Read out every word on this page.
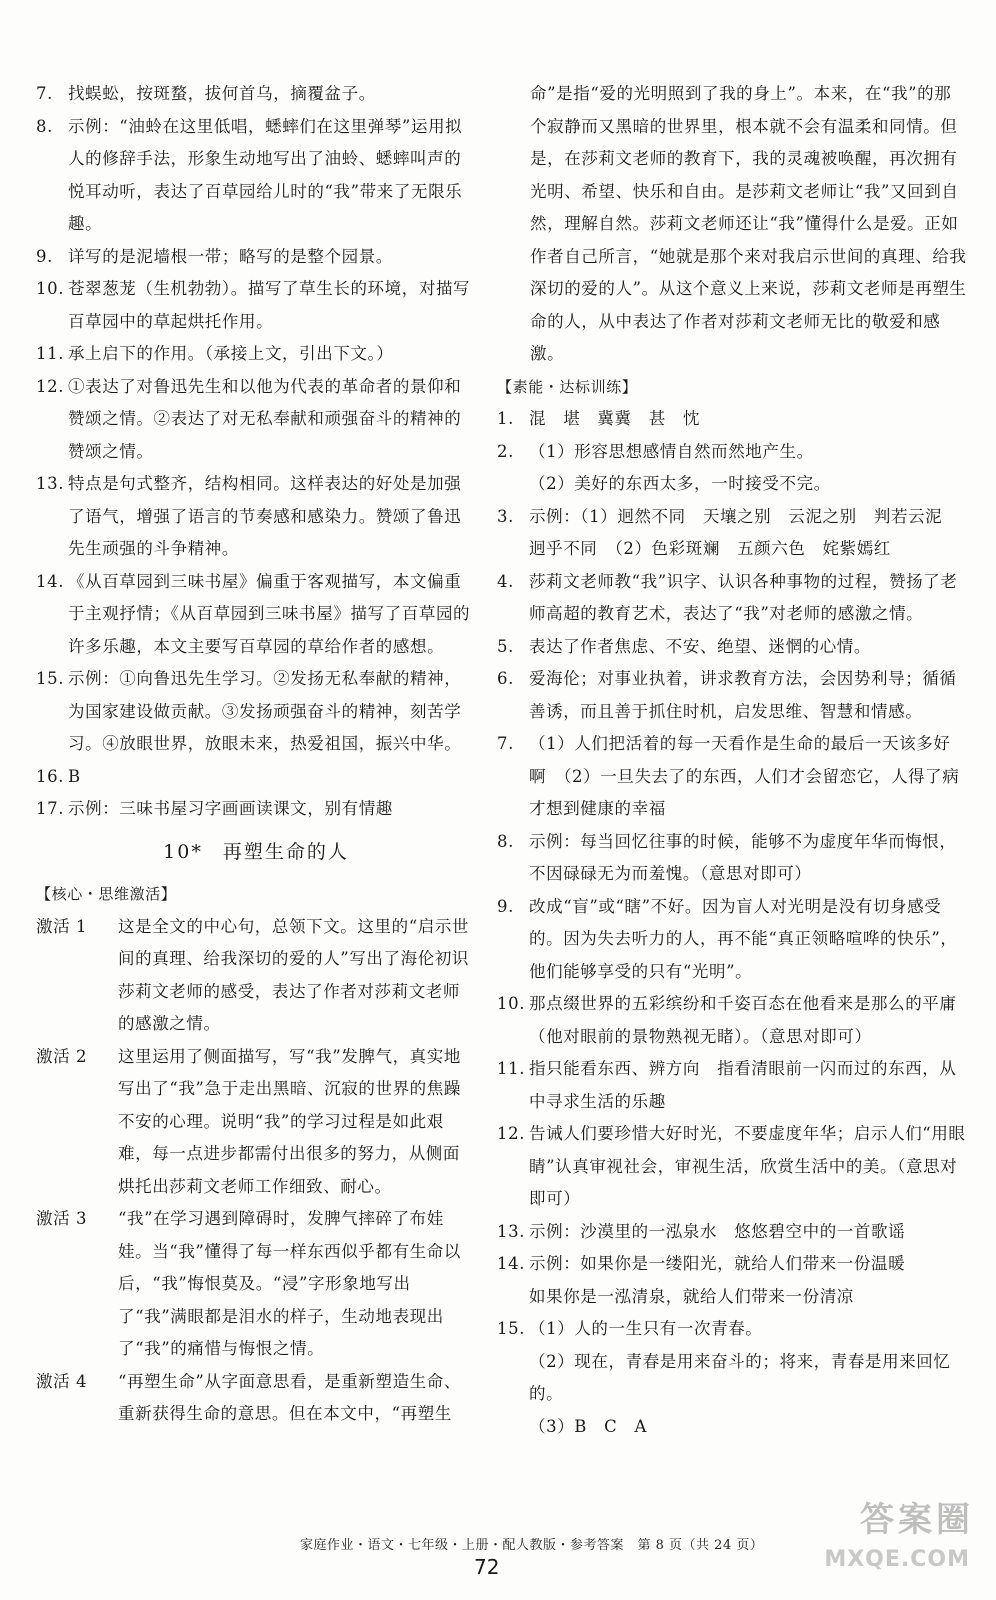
7. 找蜈蚣，按斑蝥，拔何首乌，摘覆盆子。
8. 示例：“油蛉在这里低唱，蟋蟀们在这里弹琴”运用拟人的修辞手法，形象生动地写出了油蛉、蟋蟀叫声的悦耳动听，表达了百草园给儿时的“我”带来了无限乐趣。
9. 详写的是泥墙根一带；略写的是整个园景。
10. 苍翠葱茏（生机勃勃）。描写了草生长的环境，对描写百草园中的草起烘托作用。
11. 承上启下的作用。（承接上文，引出下文。）
12. ①表达了对鲁迅先生和以他为代表的革命者的景仰和赞颂之情。②表达了对无私奉献和顽强奋斗的精神的赞颂之情。
13. 特点是句式整齐，结构相同。这样表达的好处是加强了语气，增强了语言的节奏感和感染力。赞颂了鲁迅先生顽强的斗争精神。
14. 《从百草园到三味书屋》偏重于客观描写，本文偏重于主观抒情；《从百草园到三味书屋》描写了百草园的许多乐趣，本文主要写百草园的草给作者的感想。
15. 示例：①向鲁迅先生学习。②发扬无私奉献的精神，为国家建设做贡献。③发扬顽强奋斗的精神，刻苦学习。④放眼世界，放眼未来，热爱祖国，振兴中华。
16. B
17. 示例：三味书屋习字画画读课文，别有情趣
10* 再塑生命的人
【核心・思维激活】
激活 1	这是全文的中心句，总领下文。这里的“启示世间的真理、给我深切的爱的人”写出了海伦初识莎莉文老师的感受，表达了作者对莎莉文老师的感激之情。
激活 2	这里运用了侧面描写，写“我”发脾气，真实地写出了“我”急于走出黑暗、沉寂的世界的焦躁不安的心理。说明“我”的学习过程是如此艰难，每一点进步都需付出很多的努力，从侧面烘托出莎莉文老师工作细致、耐心。
激活 3	“我”在学习遇到障碍时，发脾气摔碎了布娃娃。当“我”懂得了每一样东西似乎都有生命以后，“我”悔恨莫及。“浸”字形象地写出了“我”满眼都是泪水的样子，生动地表现出了“我”的痛惜与悔恨之情。
激活 4	“再塑生命”从字面意思看，是重新塑造生命、重新获得生命的意思。但在本文中，“再塑生
命”是指“爱的光明照到了我的身上”。本来，在“我”的那个寂静而又黑暗的世界里，根本就不会有温柔和同情。但是，在莎莉文老师的教育下，我的灵魂被唤醒，再次拥有光明、希望、快乐和自由。是莎莉文老师让“我”又回到自然，理解自然。莎莉文老师还让“我”懂得什么是爱。正如作者自己所言，“她就是那个来对我启示世间的真理、给我深切的爱的人”。从这个意义上来说，莎莉文老师是再塑生命的人，从中表达了作者对莎莉文老师无比的敬爱和感激。
【素能・达标训练】
1. 混　堪　冀冀　甚　忱
2. （1）形容思想感情自然而然地产生。
（2）美好的东西太多，一时接受不完。
3. 示例：（1）迥然不同　天壤之别　云泥之别　判若云泥　迥乎不同　（2）色彩斑斓　五颜六色　姹紫嫣红
4. 莎莉文老师教“我”识字、认识各种事物的过程，赞扬了老师高超的教育艺术，表达了“我”对老师的感激之情。
5. 表达了作者焦虑、不安、绝望、迷惘的心情。
6. 爱海伦；对事业执着，讲求教育方法，会因势利导；循循善诱，而且善于抓住时机，启发思维、智慧和情感。
7. （1）人们把活着的每一天看作是生命的最后一天该多好啊　（2）一旦失去了的东西，人们才会留恋它，人得了病才想到健康的幸福
8. 示例：每当回忆往事的时候，能够不为虚度年华而悔恨，不因碌碌无为而羞愧。（意思对即可）
9. 改成“盲”或“瞎”不好。因为盲人对光明是没有切身感受的。因为失去听力的人，再不能“真正领略喧哗的快乐”，他们能够享受的只有“光明”。
10. 那点缀世界的五彩缤纷和千姿百态在他看来是那么的平庸（他对眼前的景物熟视无睹）。（意思对即可）
11. 指只能看东西、辨方向　指看清眼前一闪而过的东西，从中寻求生活的乐趣
12. 告诫人们要珍惜大好时光，不要虚度年华；启示人们“用眼睛”认真审视社会，审视生活，欣赏生活中的美。（意思对即可）
13. 示例：沙漠里的一泓泉水　悠悠碧空中的一首歌谣
14. 示例：如果你是一缕阳光，就给人们带来一份温暖
如果你是一泓清泉，就给人们带来一份清凉
15. （1）人的一生只有一次青春。
（2）现在，青春是用来奋斗的；将来，青春是用来回忆的。
（3）B　C　A
家庭作业・语文・七年级・上册・配人教版・参考答案　第 8 页（共 24 页）
72
答案圈
MXQE.COM
